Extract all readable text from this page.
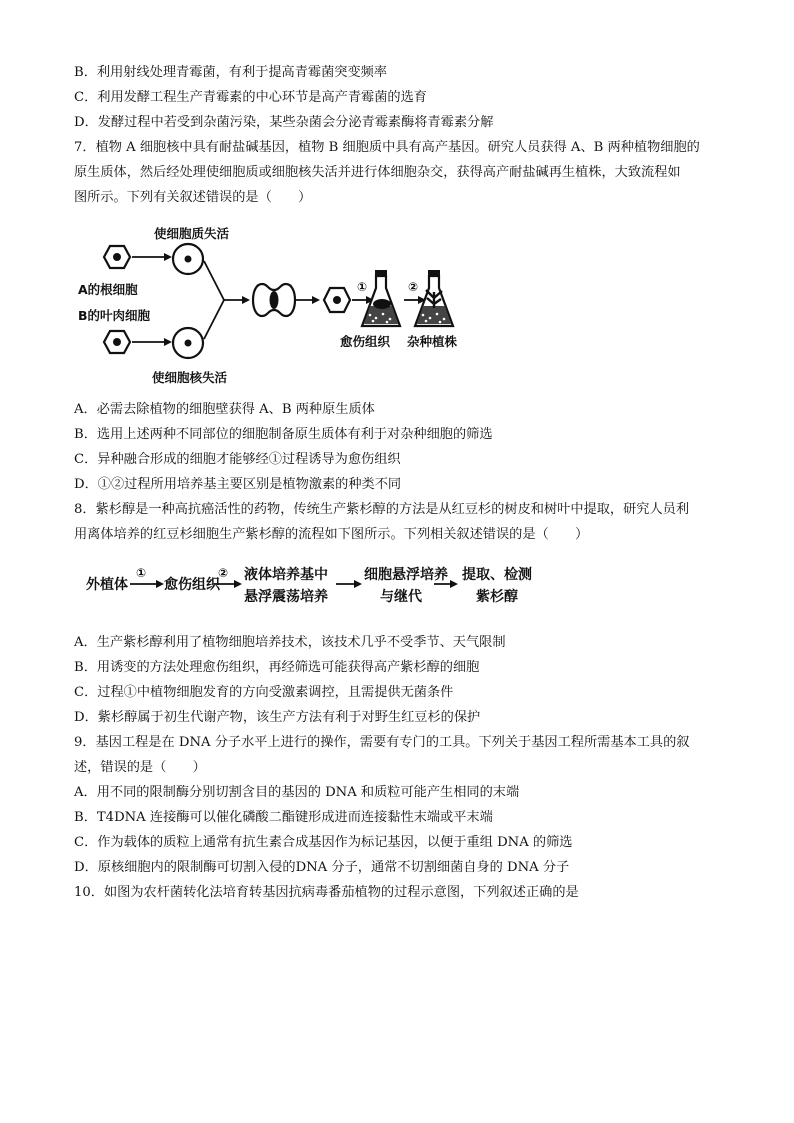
B．利用射线处理青霉菌，有利于提高青霉菌突变频率
C．利用发酵工程生产青霉素的中心环节是高产青霉菌的选育
D．发酵过程中若受到杂菌污染，某些杂菌会分泌青霉素酶将青霉素分解
7．植物 A 细胞核中具有耐盐碱基因，植物 B 细胞质中具有高产基因。研究人员获得 A、B 两种植物细胞的
原生质体，然后经处理使细胞质或细胞核失活并进行体细胞杂交，获得高产耐盐碱再生植株，大致流程如
图所示。下列有关叙述错误的是（　　）
使细胞质失活
A的根细胞
B的叶肉细胞
使细胞核失活
①	②
愈伤组织 杂种植株
A．必需去除植物的细胞壁获得 A、B 两种原生质体
B．选用上述两种不同部位的细胞制备原生质体有利于对杂种细胞的筛选
C．异种融合形成的细胞才能够经①过程诱导为愈伤组织
D．①②过程所用培养基主要区别是植物激素的种类不同
8．紫杉醇是一种高抗癌活性的药物，传统生产紫杉醇的方法是从红豆杉的树皮和树叶中提取，研究人员利
用离体培养的红豆杉细胞生产紫杉醇的流程如下图所示。下列相关叙述错误的是（　　）
外植体
①
愈伤组织
② 液体培养基中
悬浮震荡培养
细胞悬浮培养
与继代
提取、检测
紫杉醇
A．生产紫杉醇利用了植物细胞培养技术，该技术几乎不受季节、天气限制
B．用诱变的方法处理愈伤组织，再经筛选可能获得高产紫杉醇的细胞
C．过程①中植物细胞发育的方向受激素调控，且需提供无菌条件
D．紫杉醇属于初生代谢产物，该生产方法有利于对野生红豆杉的保护
9．基因工程是在 DNA 分子水平上进行的操作，需要有专门的工具。下列关于基因工程所需基本工具的叙
述，错误的是（　　）
A．用不同的限制酶分别切割含目的基因的 DNA 和质粒可能产生相同的末端
B．T4DNA 连接酶可以催化磷酸二酯键形成进而连接黏性末端或平末端
C．作为载体的质粒上通常有抗生素合成基因作为标记基因，以便于重组 DNA 的筛选
D．原核细胞内的限制酶可切割入侵的DNA 分子，通常不切割细菌自身的 DNA 分子
10．如图为农杆菌转化法培育转基因抗病毒番茄植物的过程示意图，下列叙述正确的是
